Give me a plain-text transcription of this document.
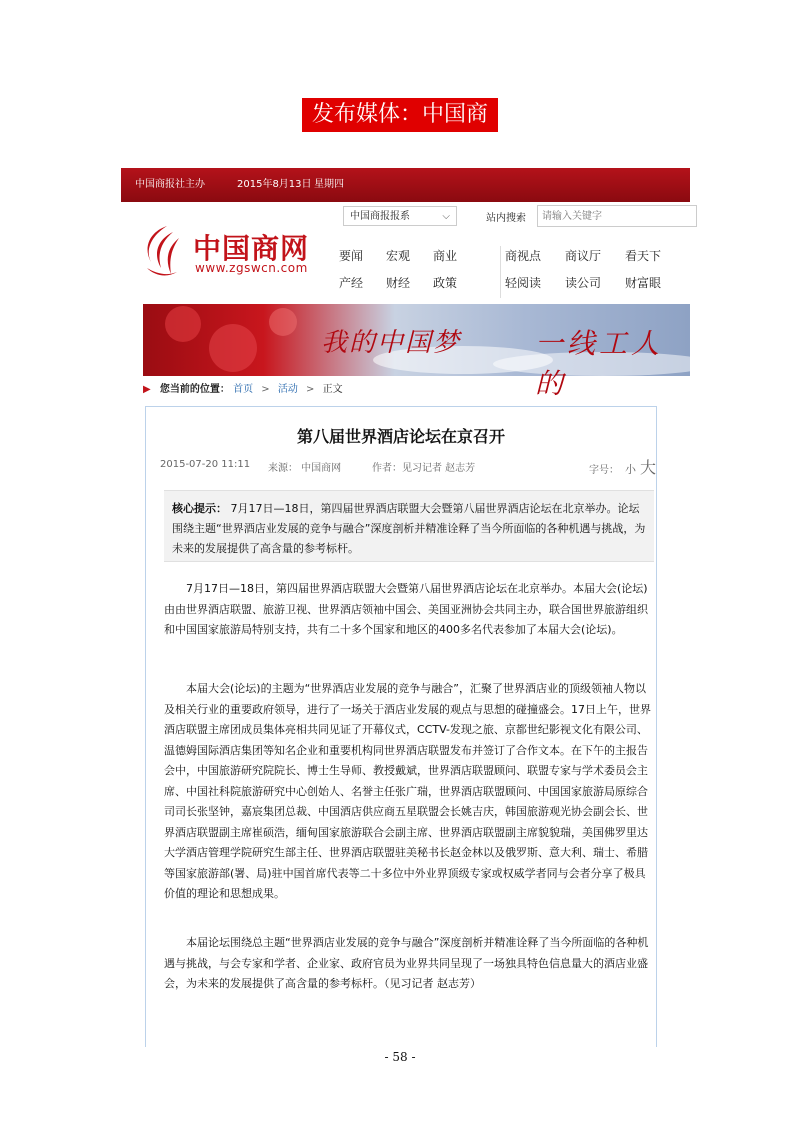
发布媒体：中国商报
中国商报社主办	2015年8月13日 星期四
中国商网
www.zgswcn.com
中国商报报系	⌵	站内搜索
请输入关键字
要闻 宏观 商业
产经 财经 政策
商视点 商议厅 看天下
轻阅读 读公司 财富眼
我的中国梦	一线工人的
▶ 您当前的位置： 首页 > 活动 > 正文
第八届世界酒店论坛在京召开
2015-07-20 11:11 来源： 中国商网	作者：见习记者 赵志芳	字号： 小 大
核心提示： 7月17日—18日，第四届世界酒店联盟大会暨第八届世界酒店论坛在北京举办。论坛围绕主题“世界酒店业发展的竞争与融合”深度剖析并精准诠释了当今所面临的各种机遇与挑战，为未来的发展提供了高含量的参考标杆。

7月17日—18日，第四届世界酒店联盟大会暨第八届世界酒店论坛在北京举办。本届大会(论坛)由由世界酒店联盟、旅游卫视、世界酒店领袖中国会、美国亚洲协会共同主办，联合国世界旅游组织和中国国家旅游局特别支持，共有二十多个国家和地区的400多名代表参加了本届大会(论坛)。

本届大会(论坛)的主题为“世界酒店业发展的竞争与融合”，汇聚了世界酒店业的顶级领袖人物以及相关行业的重要政府领导，进行了一场关于酒店业发展的观点与思想的碰撞盛会。17日上午，世界酒店联盟主席团成员集体亮相共同见证了开幕仪式，CCTV-发现之旅、京都世纪影视文化有限公司、温德姆国际酒店集团等知名企业和重要机构同世界酒店联盟发布并签订了合作文本。在下午的主报告会中，中国旅游研究院院长、博士生导师、教授戴斌，世界酒店联盟顾问、联盟专家与学术委员会主席、中国社科院旅游研究中心创始人、名誉主任张广瑞，世界酒店联盟顾问、中国国家旅游局原综合司司长张坚钟，嘉宸集团总裁、中国酒店供应商五星联盟会长姚吉庆，韩国旅游观光协会副会长、世界酒店联盟副主席崔硕浩，缅甸国家旅游联合会副主席、世界酒店联盟副主席貌貌瑞，美国佛罗里达大学酒店管理学院研究生部主任、世界酒店联盟驻美秘书长赵金林以及俄罗斯、意大利、瑞士、希腊等国家旅游部(署、局)驻中国首席代表等二十多位中外业界顶级专家或权威学者同与会者分享了极具价值的理论和思想成果。

本届论坛围绕总主题“世界酒店业发展的竞争与融合”深度剖析并精准诠释了当今所面临的各种机遇与挑战，与会专家和学者、企业家、政府官员为业界共同呈现了一场独具特色信息量大的酒店业盛会，为未来的发展提供了高含量的参考标杆。（见习记者 赵志芳）

- 58 -
